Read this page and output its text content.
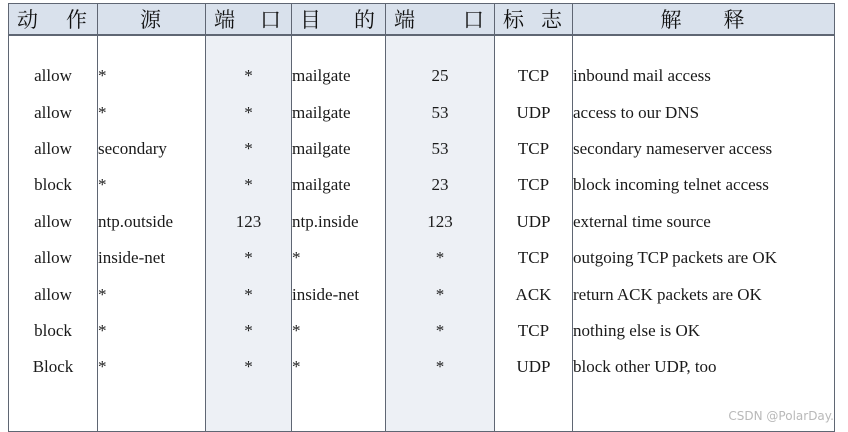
动 作	源	端 口	目 的	端 口	标 志	解 释

allow	*	*	mailgate	25	TCP	inbound mail access
allow	*	*	mailgate	53	UDP	access to our DNS
allow	secondary	*	mailgate	53	TCP	secondary nameserver access
block	*	*	mailgate	23	TCP	block incoming telnet access
allow	ntp.outside	123	ntp.inside	123	UDP	external time source
allow	inside-net	*	*	*	TCP	outgoing TCP packets are OK
allow	*	*	inside-net	*	ACK	return ACK packets are OK
block	*	*	*	*	TCP	nothing else is OK
Block	*	*	*	*	UDP	block other UDP, too

CSDN @PolarDay.
